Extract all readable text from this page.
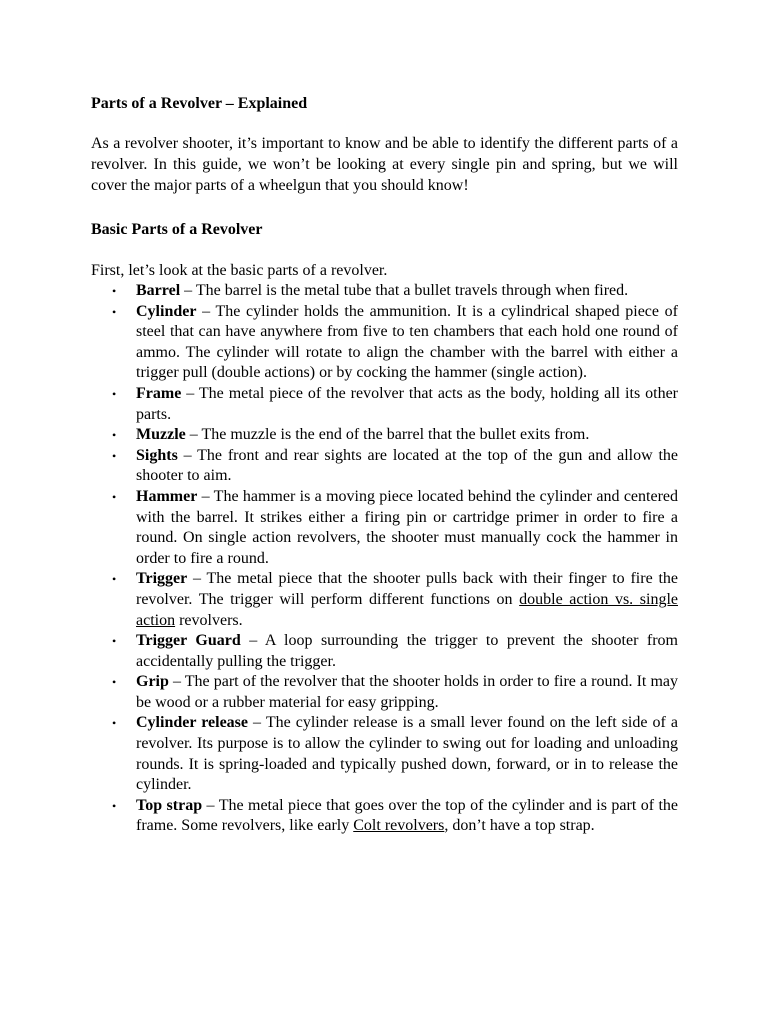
Parts of a Revolver – Explained

As a revolver shooter, it’s important to know and be able to identify the different parts of a revolver. In this guide, we won’t be looking at every single pin and spring, but we will cover the major parts of a wheelgun that you should know!

Basic Parts of a Revolver

First, let’s look at the basic parts of a revolver.

• Barrel – The barrel is the metal tube that a bullet travels through when fired.
• Cylinder – The cylinder holds the ammunition. It is a cylindrical shaped piece of steel that can have anywhere from five to ten chambers that each hold one round of ammo. The cylinder will rotate to align the chamber with the barrel with either a trigger pull (double actions) or by cocking the hammer (single action).
• Frame – The metal piece of the revolver that acts as the body, holding all its other parts.
• Muzzle – The muzzle is the end of the barrel that the bullet exits from.
• Sights – The front and rear sights are located at the top of the gun and allow the shooter to aim.
• Hammer – The hammer is a moving piece located behind the cylinder and centered with the barrel. It strikes either a firing pin or cartridge primer in order to fire a round. On single action revolvers, the shooter must manually cock the hammer in order to fire a round.
• Trigger – The metal piece that the shooter pulls back with their finger to fire the revolver. The trigger will perform different functions on double action vs. single action revolvers.
• Trigger Guard – A loop surrounding the trigger to prevent the shooter from accidentally pulling the trigger.
• Grip – The part of the revolver that the shooter holds in order to fire a round. It may be wood or a rubber material for easy gripping.
• Cylinder release – The cylinder release is a small lever found on the left side of a revolver. Its purpose is to allow the cylinder to swing out for loading and unloading rounds. It is spring-loaded and typically pushed down, forward, or in to release the cylinder.
• Top strap – The metal piece that goes over the top of the cylinder and is part of the frame. Some revolvers, like early Colt revolvers, don’t have a top strap.
